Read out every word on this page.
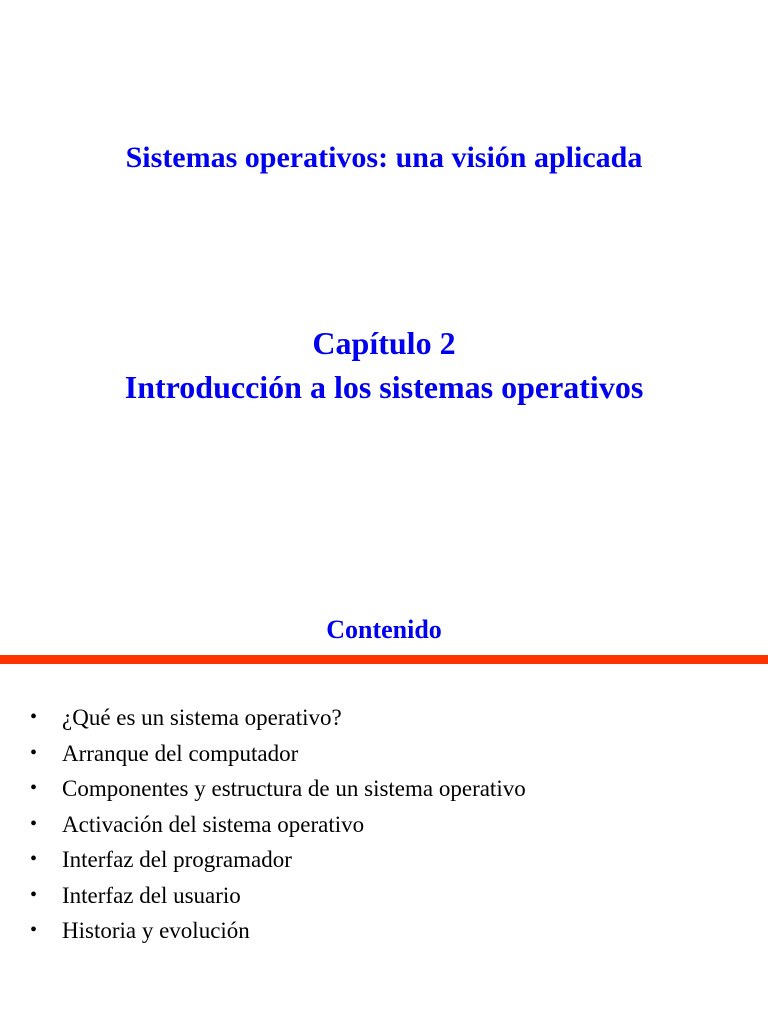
Sistemas operativos: una visión aplicada
Capítulo 2
Introducción a los sistemas operativos
Contenido
• ¿Qué es un sistema operativo?
• Arranque del computador
• Componentes y estructura de un sistema operativo
• Activación del sistema operativo
• Interfaz del programador
• Interfaz del usuario
• Historia y evolución
